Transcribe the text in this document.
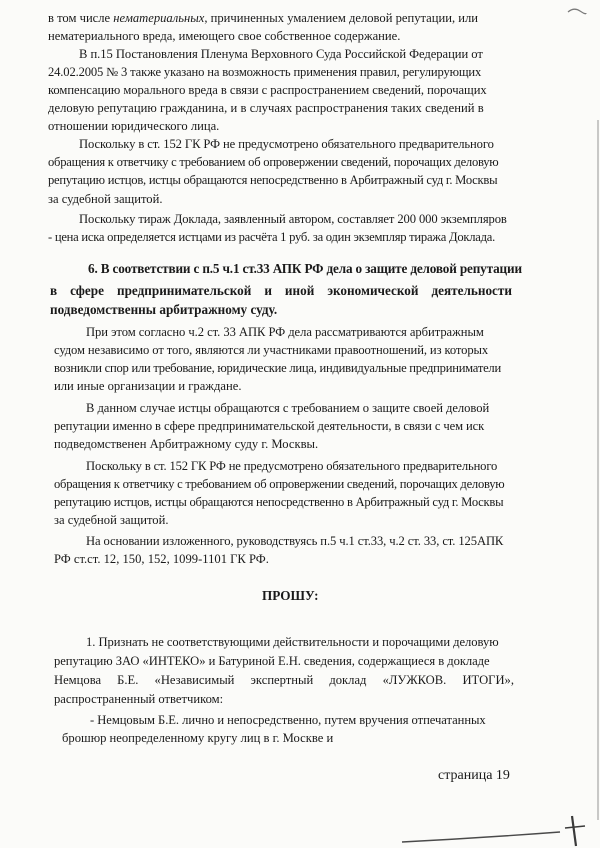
в том числе нематериальных, причиненных умалением деловой репутации, или
нематериального вреда, имеющего свое собственное содержание.
В п.15 Постановления Пленума Верховного Суда Российской Федерации от
24.02.2005 № 3 также указано на возможность применения правил, регулирующих
компенсацию морального вреда в связи с распространением сведений, порочащих
деловую репутацию гражданина, и в случаях распространения таких сведений в
отношении юридического лица.
Поскольку в ст. 152 ГК РФ не предусмотрено обязательного предварительного
обращения к ответчику с требованием об опровержении сведений, порочащих деловую
репутацию истцов, истцы обращаются непосредственно в Арбитражный суд г. Москвы
за судебной защитой.
Поскольку тираж Доклада, заявленный автором, составляет 200 000 экземпляров
- цена иска определяется истцами из расчёта 1 руб. за один экземпляр тиража Доклада.
6. В соответствии с п.5 ч.1 ст.33 АПК РФ дела о защите деловой репутации
в сфере предпринимательской и иной экономической деятельности
подведомственны арбитражному суду.
При этом согласно ч.2 ст. 33 АПК РФ дела рассматриваются арбитражным
судом независимо от того, являются ли участниками правоотношений, из которых
возникли спор или требование, юридические лица, индивидуальные предприниматели
или иные организации и граждане.
В данном случае истцы обращаются с требованием о защите своей деловой
репутации именно в сфере предпринимательской деятельности, в связи с чем иск
подведомственен Арбитражному суду г. Москвы.
Поскольку в ст. 152 ГК РФ не предусмотрено обязательного предварительного
обращения к ответчику с требованием об опровержении сведений, порочащих деловую
репутацию истцов, истцы обращаются непосредственно в Арбитражный суд г. Москвы
за судебной защитой.
На основании изложенного, руководствуясь п.5 ч.1 ст.33, ч.2 ст. 33, ст. 125АПК
РФ ст.ст. 12, 150, 152, 1099-1101 ГК РФ.
ПРОШУ:
1. Признать не соответствующими действительности и порочащими деловую
репутацию ЗАО «ИНТЕКО» и Батуриной Е.Н. сведения, содержащиеся в докладе
Немцова Б.Е. «Независимый экспертный доклад «ЛУЖКОВ. ИТОГИ»,
распространенный ответчиком:
- Немцовым Б.Е. лично и непосредственно, путем вручения отпечатанных
брошюр неопределенному кругу лиц в г. Москве и
страница 19
